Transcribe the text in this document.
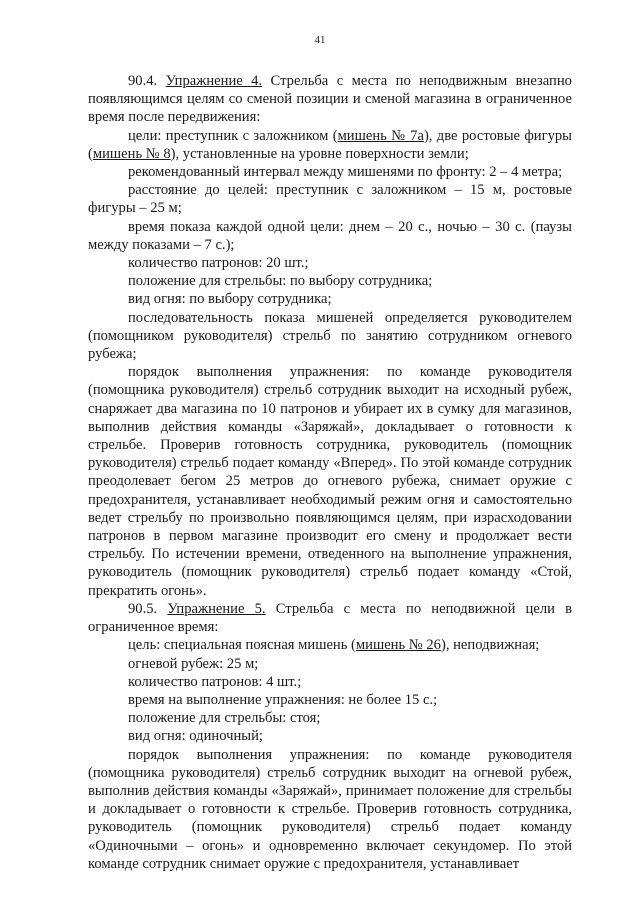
41

90.4. Упражнение 4. Стрельба с места по неподвижным внезапно появляющимся целям со сменой позиции и сменой магазина в ограниченное время после передвижения:

цели: преступник с заложником (мишень № 7а), две ростовые фигуры (мишень № 8), установленные на уровне поверхности земли;

рекомендованный интервал между мишенями по фронту: 2 – 4 метра;

расстояние до целей: преступник с заложником – 15 м, ростовые фигуры – 25 м;

время показа каждой одной цели: днем – 20 с., ночью – 30 с. (паузы между показами – 7 с.);

количество патронов: 20 шт.;

положение для стрельбы: по выбору сотрудника;

вид огня: по выбору сотрудника;

последовательность показа мишеней определяется руководителем (помощником руководителя) стрельб по занятию сотрудником огневого рубежа;

порядок выполнения упражнения: по команде руководителя (помощника руководителя) стрельб сотрудник выходит на исходный рубеж, снаряжает два магазина по 10 патронов и убирает их в сумку для магазинов, выполнив действия команды «Заряжай», докладывает о готовности к стрельбе. Проверив готовность сотрудника, руководитель (помощник руководителя) стрельб подает команду «Вперед». По этой команде сотрудник преодолевает бегом 25 метров до огневого рубежа, снимает оружие с предохранителя, устанавливает необходимый режим огня и самостоятельно ведет стрельбу по произвольно появляющимся целям, при израсходовании патронов в первом магазине производит его смену и продолжает вести стрельбу. По истечении времени, отведенного на выполнение упражнения, руководитель (помощник руководителя) стрельб подает команду «Стой, прекратить огонь».

90.5. Упражнение 5. Стрельба с места по неподвижной цели в ограниченное время:

цель: специальная поясная мишень (мишень № 26), неподвижная;

огневой рубеж: 25 м;

количество патронов: 4 шт.;

время на выполнение упражнения: не более 15 с.;

положение для стрельбы: стоя;

вид огня: одиночный;

порядок выполнения упражнения: по команде руководителя (помощника руководителя) стрельб сотрудник выходит на огневой рубеж, выполнив действия команды «Заряжай», принимает положение для стрельбы и докладывает о готовности к стрельбе. Проверив готовность сотрудника, руководитель (помощник руководителя) стрельб подает команду «Одиночными – огонь» и одновременно включает секундомер. По этой команде сотрудник снимает оружие с предохранителя, устанавливает
